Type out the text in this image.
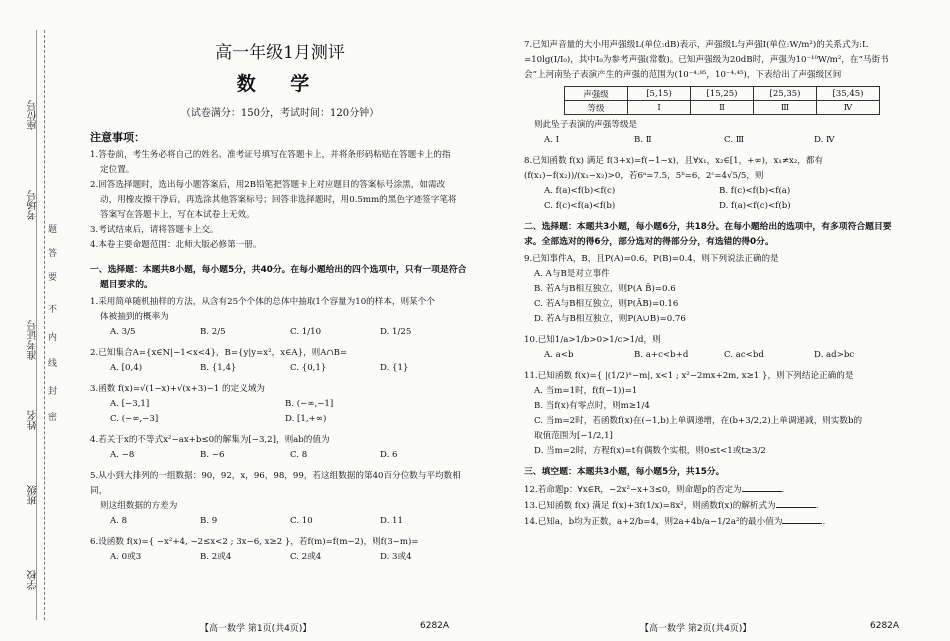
座位号
考场号
准考证号
姓名
班级
学校
题
答
要
不
内
线
封
密
高一年级1月测评
数 学
（试卷满分：150分，考试时间：120分钟）
注意事项：

1.答卷前，考生务必将自己的姓名、准考证号填写在答题卡上，并将条形码粘贴在答题卡上的指

定位置。

2.回答选择题时，选出每小题答案后，用2B铅笔把答题卡上对应题目的答案标号涂黑，如需改

动，用橡皮擦干净后，再选涂其他答案标号；回答非选择题时，用0.5mm的黑色字迹签字笔将

答案写在答题卡上，写在本试卷上无效。

3.考试结束后，请将答题卡上交。

4.本卷主要命题范围：北师大版必修第一册。

一、选择题：本题共8小题，每小题5分，共40分。在每小题给出的四个选项中，只有一项是符合
题目要求的。

1.采用简单随机抽样的方法，从含有25个个体的总体中抽取1个容量为10的样本，则某个个

体被抽到的概率为

A. 3/5	B. 2/5	C. 1/10	D. 1/25

2.已知集合A={x∈N|−1<x<4}，B={y|y=x²，x∈A}，则A∩B=

A. [0,4)	B. {1,4}	C. {0,1}	D. {1}

3.函数 f(x)=√(1−x)+√(x+3)−1 的定义域为

A. [−3,1]	B. (−∞,−1]
C. (−∞,−3]	D. [1,+∞)

4.若关于x的不等式x²−ax+b≤0的解集为[−3,2]，则ab的值为

A. −8	B. −6	C. 8	D. 6

5.从小到大排列的一组数据：90，92，x，96，98，99，若这组数据的第40百分位数与平均数相同，

则这组数据的方差为

A. 8	B. 9	C. 10	D. 11

6.设函数 f(x)={ −x²+4, −2≤x<2 ; 3x−6, x≥2 }，若f(m)=f(m−2)，则f(3−m)=

A. 0或3	B. 2或4	C. 2或4	D. 3或4

7.已知声音量的大小用声强级L(单位:dB)表示，声强级L与声强I(单位:W/m²)的关系式为:L

=10lg(I/I₀)，其中I₀为参考声强(常数)。已知声强级为20dB时，声强为10⁻¹⁰W/m²，在“马街书

会”上河南坠子表演产生的声强的范围为(10⁻⁴·⁸⁵，10⁻⁴·⁴⁵)，下表给出了声强级区间

声强级	[5,15)	[15,25)	[25,35)	[35,45)
等级	Ⅰ	Ⅱ	Ⅲ	Ⅳ

则此坠子表演的声强等级是

A. Ⅰ	B. Ⅱ	C. Ⅲ	D. Ⅳ

8.已知函数 f(x) 满足 f(3+x)=f(−1−x)，且∀x₁，x₂∈[1，+∞)，x₁≠x₂，都有

(f(x₁)−f(x₂))/(x₁−x₂)>0，若6ᵃ=7.5，5ᵇ=6，2ᶜ=4√5/5，则

A. f(a)<f(b)<f(c)	B. f(c)<f(b)<f(a)
C. f(c)<f(a)<f(b)	D. f(a)<f(c)<f(b)
二、选择题：本题共3小题，每小题6分，共18分。在每小题给出的选项中，有多项符合题目要
求。全部选对的得6分，部分选对的得部分分，有选错的得0分。

9.已知事件A，B，且P(A)=0.6，P(B)=0.4，则下列说法正确的是

A. A与B是对立事件
B. 若A与B相互独立，则P(A B̄)=0.6
C. 若A与B相互独立，则P(ĀB)=0.16
D. 若A与B相互独立，则P(A∪B)=0.76

10.已知1/a>1/b>0>1/c>1/d，则

A. a<b	B. a+c<b+d	C. ac<bd	D. ad>bc

11.已知函数 f(x)={ |(1/2)ˣ−m|, x<1 ; x²−2mx+2m, x≥1 }，则下列结论正确的是

A. 当m=1时，f(f(−1))=1
B. 当f(x)有零点时，则m≥1/4
C. 当m=2时，若函数f(x)在(−1,b)上单调递增，在(b+3/2,2)上单调递减，则实数b的
取值范围为[−1/2,1]
D. 当m=2时，方程f(x)=t有偶数个实根，则0≤t<1或t≥3/2
三、填空题：本题共3小题，每小题5分，共15分。

12.若命题p：∀x∈R，−2x²−x+3≤0，则命题p的否定为	.

13.已知函数 f(x) 满足 f(x)+3f(1/x)=8x²，则函数f(x)的解析式为	.

14.已知a，b均为正数，a+2/b=4，则2a+4b/a−1/2a²的最小值为	.

【高一数学 第1页(共4页)】	6282A	【高一数学 第2页(共4页)】	6282A
